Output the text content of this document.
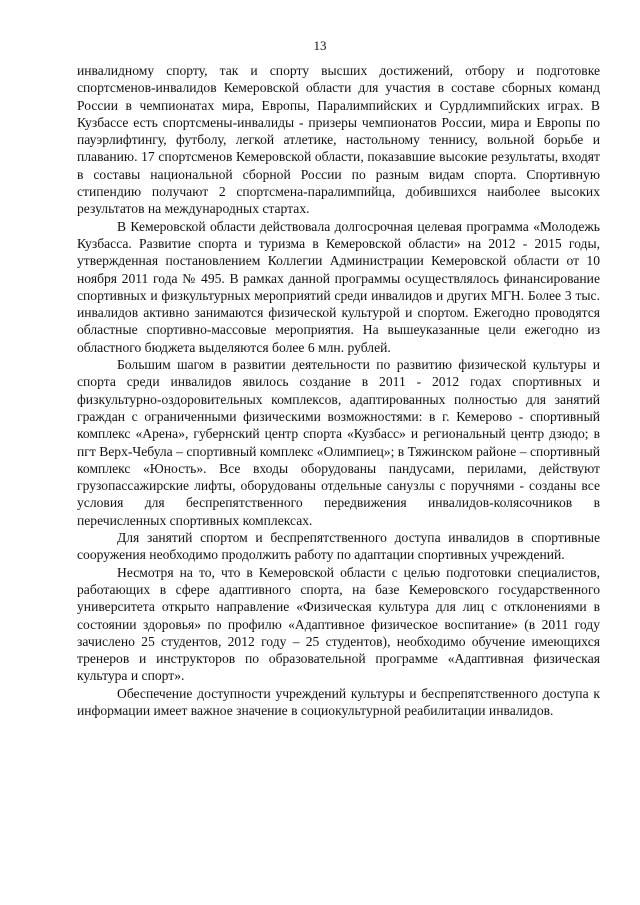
13

инвалидному спорту, так и спорту высших достижений, отбору и подготовке спортсменов-инвалидов Кемеровской области для участия в составе сборных команд России в чемпионатах мира, Европы, Паралимпийских и Сурдлимпийских играх. В Кузбассе есть спортсмены-инвалиды - призеры чемпионатов России, мира и Европы по пауэрлифтингу, футболу, легкой атлетике, настольному теннису, вольной борьбе и плаванию. 17 спортсменов Кемеровской области, показавшие высокие результаты, входят в составы национальной сборной России по разным видам спорта. Спортивную стипендию получают 2 спортсмена-паралимпийца, добившихся наиболее высоких результатов на международных стартах.

В Кемеровской области действовала долгосрочная целевая программа «Молодежь Кузбасса. Развитие спорта и туризма в Кемеровской области» на 2012 - 2015 годы, утвержденная постановлением Коллегии Администрации Кемеровской области от 10 ноября 2011 года № 495. В рамках данной программы осуществлялось финансирование спортивных и физкультурных мероприятий среди инвалидов и других МГН. Более 3 тыс. инвалидов активно занимаются физической культурой и спортом. Ежегодно проводятся областные спортивно-массовые мероприятия. На вышеуказанные цели ежегодно из областного бюджета выделяются более 6 млн. рублей.

Большим шагом в развитии деятельности по развитию физической культуры и спорта среди инвалидов явилось создание в 2011 - 2012 годах спортивных и физкультурно-оздоровительных комплексов, адаптированных полностью для занятий граждан с ограниченными физическими возможностями: в г. Кемерово - спортивный комплекс «Арена», губернский центр спорта «Кузбасс» и региональный центр дзюдо; в пгт Верх-Чебула – спортивный комплекс «Олимпиец»; в Тяжинском районе – спортивный комплекс «Юность». Все входы оборудованы пандусами, перилами, действуют грузопассажирские лифты, оборудованы отдельные санузлы с поручнями - созданы все условия для беспрепятственного передвижения инвалидов-колясочников в перечисленных спортивных комплексах.

Для занятий спортом и беспрепятственного доступа инвалидов в спортивные сооружения необходимо продолжить работу по адаптации спортивных учреждений.

Несмотря на то, что в Кемеровской области с целью подготовки специалистов, работающих в сфере адаптивного спорта, на базе Кемеровского государственного университета открыто направление «Физическая культура для лиц с отклонениями в состоянии здоровья» по профилю «Адаптивное физическое воспитание» (в 2011 году зачислено 25 студентов, 2012 году – 25 студентов), необходимо обучение имеющихся тренеров и инструкторов по образовательной программе «Адаптивная физическая культура и спорт».

Обеспечение доступности учреждений культуры и беспрепятственного доступа к информации имеет важное значение в социокультурной реабилитации инвалидов.
